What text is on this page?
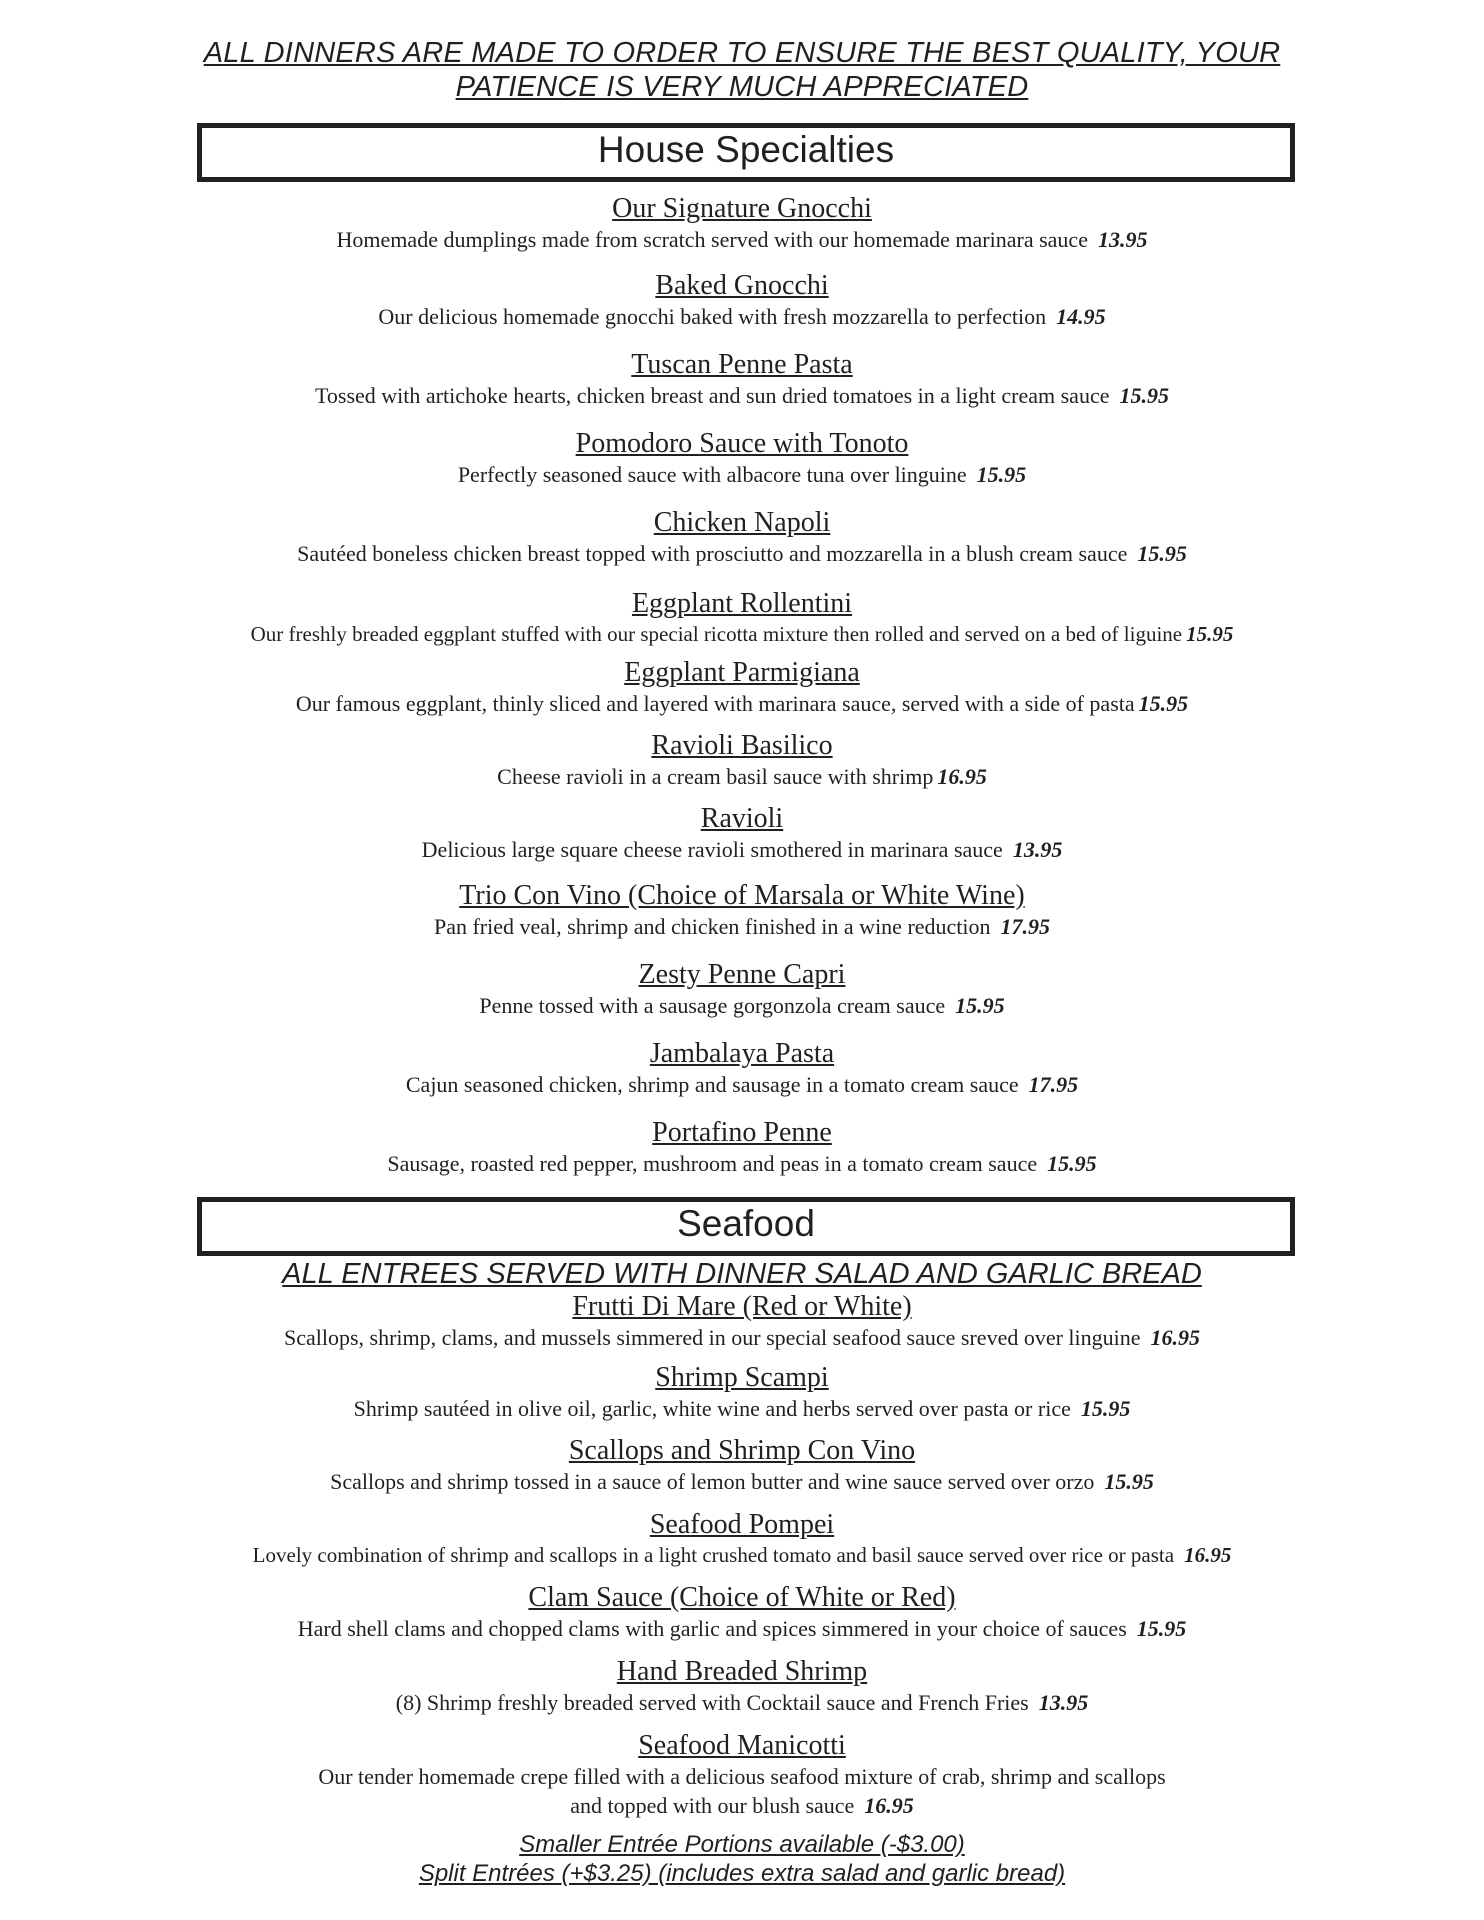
ALL DINNERS ARE MADE TO ORDER TO ENSURE THE BEST QUALITY, YOUR
PATIENCE IS VERY MUCH APPRECIATED
House Specialties
Our Signature Gnocchi
Homemade dumplings made from scratch served with our homemade marinara sauce 13.95
Baked Gnocchi
Our delicious homemade gnocchi baked with fresh mozzarella to perfection 14.95
Tuscan Penne Pasta
Tossed with artichoke hearts, chicken breast and sun dried tomatoes in a light cream sauce 15.95
Pomodoro Sauce with Tonoto
Perfectly seasoned sauce with albacore tuna over linguine 15.95
Chicken Napoli
Sautéed boneless chicken breast topped with prosciutto and mozzarella in a blush cream sauce 15.95
Eggplant Rollentini
Our freshly breaded eggplant stuffed with our special ricotta mixture then rolled and served on a bed of liguine 15.95
Eggplant Parmigiana
Our famous eggplant, thinly sliced and layered with marinara sauce, served with a side of pasta 15.95
Ravioli Basilico
Cheese ravioli in a cream basil sauce with shrimp 16.95
Ravioli
Delicious large square cheese ravioli smothered in marinara sauce 13.95
Trio Con Vino (Choice of Marsala or White Wine)
Pan fried veal, shrimp and chicken finished in a wine reduction 17.95
Zesty Penne Capri
Penne tossed with a sausage gorgonzola cream sauce 15.95
Jambalaya Pasta
Cajun seasoned chicken, shrimp and sausage in a tomato cream sauce 17.95
Portafino Penne
Sausage, roasted red pepper, mushroom and peas in a tomato cream sauce 15.95
Seafood
ALL ENTREES SERVED WITH DINNER SALAD AND GARLIC BREAD
Frutti Di Mare (Red or White)
Scallops, shrimp, clams, and mussels simmered in our special seafood sauce sreved over linguine 16.95
Shrimp Scampi
Shrimp sautéed in olive oil, garlic, white wine and herbs served over pasta or rice 15.95
Scallops and Shrimp Con Vino
Scallops and shrimp tossed in a sauce of lemon butter and wine sauce served over orzo 15.95
Seafood Pompei
Lovely combination of shrimp and scallops in a light crushed tomato and basil sauce served over rice or pasta 16.95
Clam Sauce (Choice of White or Red)
Hard shell clams and chopped clams with garlic and spices simmered in your choice of sauces 15.95
Hand Breaded Shrimp
(8) Shrimp freshly breaded served with Cocktail sauce and French Fries 13.95
Seafood Manicotti
Our tender homemade crepe filled with a delicious seafood mixture of crab, shrimp and scallops
and topped with our blush sauce 16.95
Smaller Entrée Portions available (-$3.00)
Split Entrées (+$3.25) (includes extra salad and garlic bread)
